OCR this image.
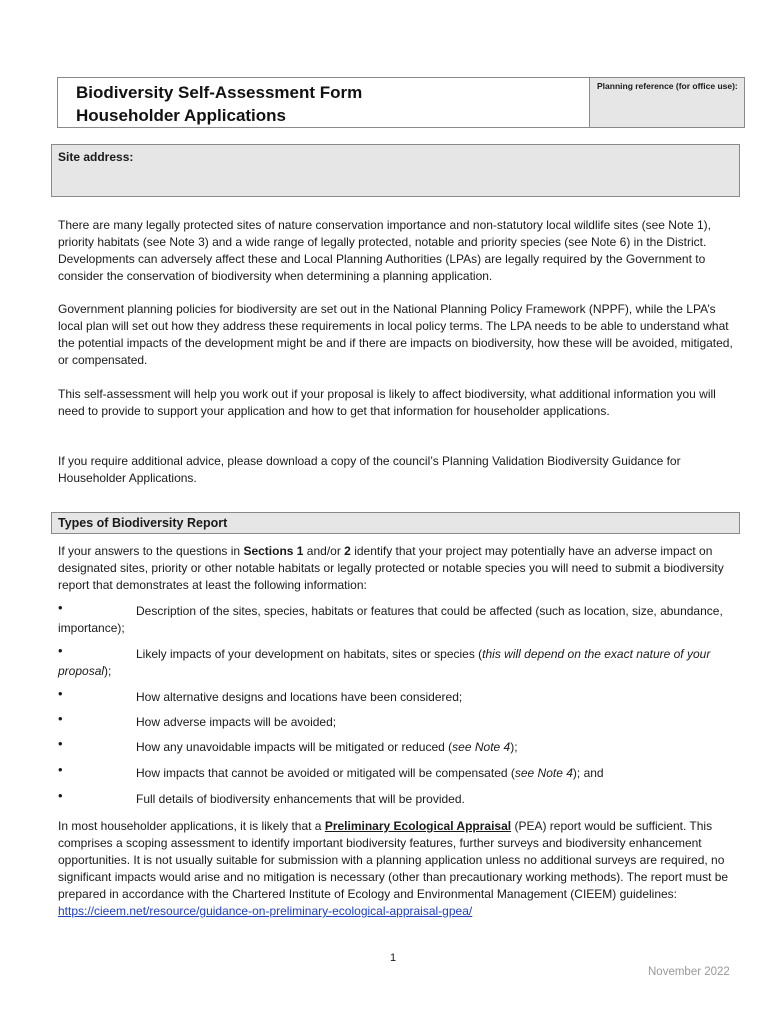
Biodiversity Self-Assessment Form
Householder Applications
Planning reference (for office use):
Site address:

There are many legally protected sites of nature conservation importance and non-statutory local wildlife sites (see Note 1), priority habitats (see Note 3) and a wide range of legally protected, notable and priority species (see Note 6) in the District. Developments can adversely affect these and Local Planning Authorities (LPAs) are legally required by the Government to consider the conservation of biodiversity when determining a planning application.

Government planning policies for biodiversity are set out in the National Planning Policy Framework (NPPF), while the LPA’s local plan will set out how they address these requirements in local policy terms. The LPA needs to be able to understand what the potential impacts of the development might be and if there are impacts on biodiversity, how these will be avoided, mitigated, or compensated.

This self-assessment will help you work out if your proposal is likely to affect biodiversity, what additional information you will need to provide to support your application and how to get that information for householder applications.

If you require additional advice, please download a copy of the council’s Planning Validation Biodiversity Guidance for Householder Applications.

Types of Biodiversity Report

If your answers to the questions in Sections 1 and/or 2 identify that your project may potentially have an adverse impact on designated sites, priority or other notable habitats or legally protected or notable species you will need to submit a biodiversity report that demonstrates at least the following information:

•	Description of the sites, species, habitats or features that could be affected (such as location, size, abundance, importance);
•	Likely impacts of your development on habitats, sites or species (this will depend on the exact nature of your proposal);
•	How alternative designs and locations have been considered;
•	How adverse impacts will be avoided;
•	How any unavoidable impacts will be mitigated or reduced (see Note 4);
•	How impacts that cannot be avoided or mitigated will be compensated (see Note 4); and
•	Full details of biodiversity enhancements that will be provided.

In most householder applications, it is likely that a Preliminary Ecological Appraisal (PEA) report would be sufficient. This comprises a scoping assessment to identify important biodiversity features, further surveys and biodiversity enhancement opportunities. It is not usually suitable for submission with a planning application unless no additional surveys are required, no significant impacts would arise and no mitigation is necessary (other than precautionary working methods). The report must be prepared in accordance with the Chartered Institute of Ecology and Environmental Management (CIEEM) guidelines: https://cieem.net/resource/guidance-on-preliminary-ecological-appraisal-gpea/

1
November 2022
